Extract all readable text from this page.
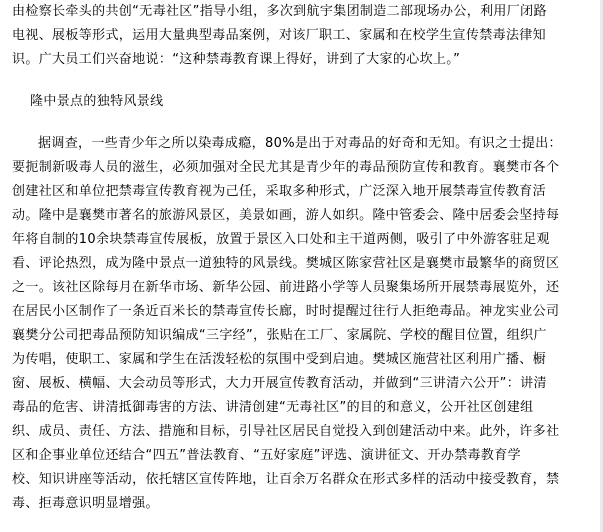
由检察长牵头的共创“无毒社区”指导小组，多次到航宇集团制造二部现场办公，利用厂闭路
电视、展板等形式，运用大量典型毒品案例，对该厂职工、家属和在校学生宣传禁毒法律知
识。广大员工们兴奋地说：“这种禁毒教育课上得好，讲到了大家的心坎上。”
隆中景点的独特风景线
据调查，一些青少年之所以染毒成瘾，80%是出于对毒品的好奇和无知。有识之士提出：
要扼制新吸毒人员的滋生，必须加强对全民尤其是青少年的毒品预防宣传和教育。襄樊市各个
创建社区和单位把禁毒宣传教育视为己任，采取多种形式，广泛深入地开展禁毒宣传教育活
动。隆中是襄樊市著名的旅游风景区，美景如画，游人如织。隆中管委会、隆中居委会坚持每
年将自制的10余块禁毒宣传展板，放置于景区入口处和主干道两侧，吸引了中外游客驻足观
看、评论热烈，成为隆中景点一道独特的风景线。樊城区陈家营社区是襄樊市最繁华的商贸区
之一。该社区除每月在新华市场、新华公园、前进路小学等人员聚集场所开展禁毒展览外，还
在居民小区制作了一条近百米长的禁毒宣传长廊，时时提醒过往行人拒绝毒品。神龙实业公司
襄樊分公司把毒品预防知识编成“三字经”，张贴在工厂、家属院、学校的醒目位置，组织广
为传唱，使职工、家属和学生在活泼轻松的氛围中受到启迪。樊城区施营社区利用广播、橱
窗、展板、横幅、大会动员等形式，大力开展宣传教育活动，并做到“三讲清六公开”：讲清
毒品的危害、讲清抵御毒害的方法、讲清创建“无毒社区”的目的和意义，公开社区创建组
织、成员、责任、方法、措施和目标，引导社区居民自觉投入到创建活动中来。此外，许多社
区和企事业单位还结合“四五”普法教育、“五好家庭”评选、演讲征文、开办禁毒教育学
校、知识讲座等活动，依托辖区宣传阵地，让百余万名群众在形式多样的活动中接受教育，禁
毒、拒毒意识明显增强。
